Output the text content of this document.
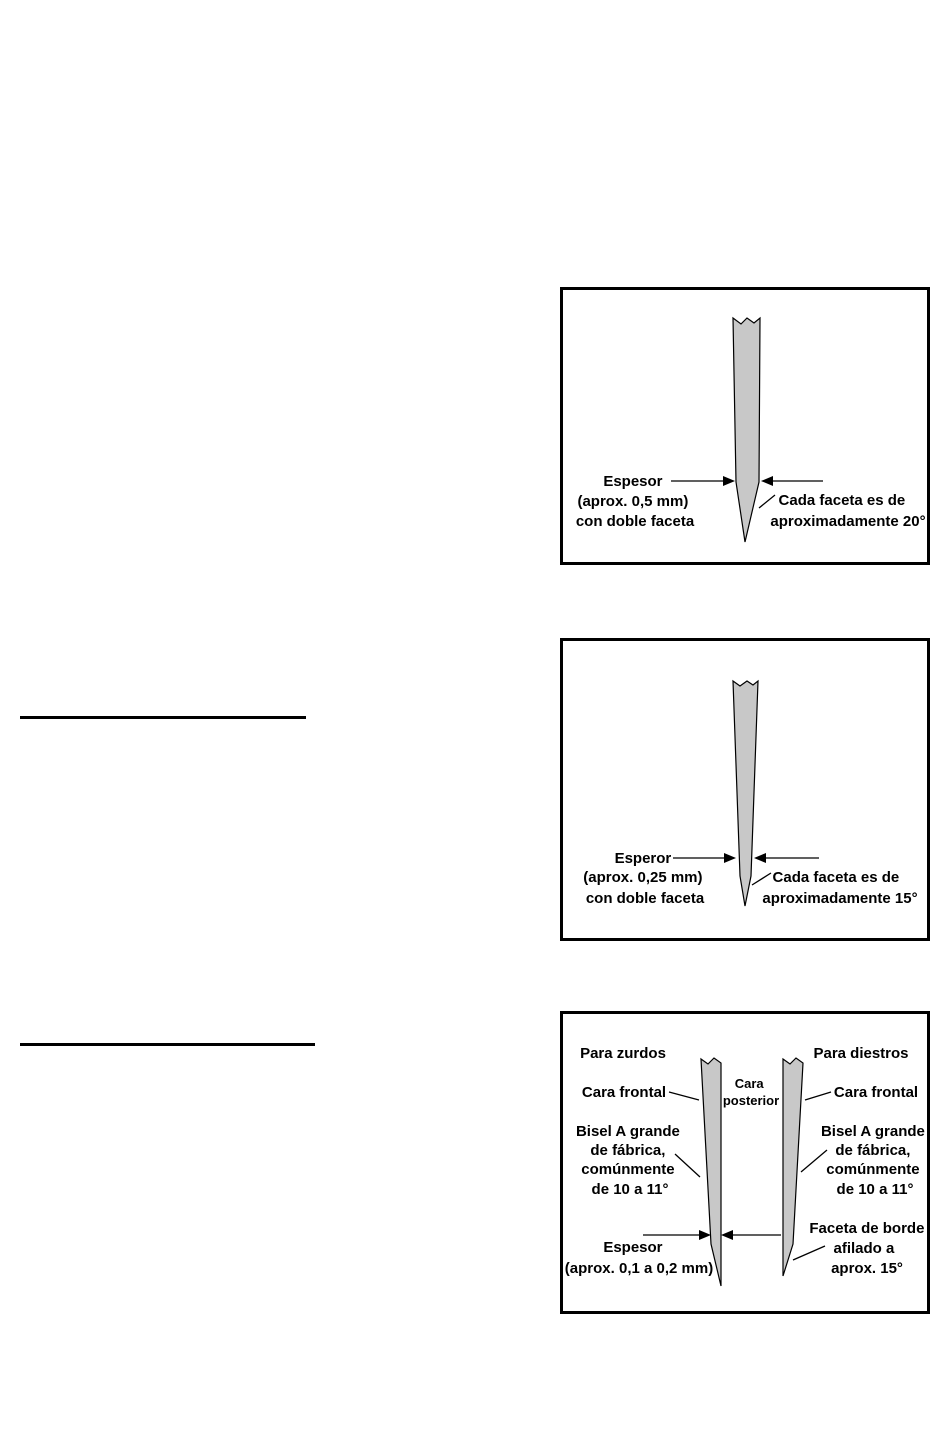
Espesor (aprox. 0,5 mm) con doble faceta
Cada faceta es de aproximadamente 20°
Esperor (aprox. 0,25 mm) con doble faceta
Cada faceta es de aproximadamente 15°
Para zurdos	Para diestros
Cara posterior
Cara frontal	Cara frontal
Bisel A grande de fábrica, comúnmente de 10 a 11°
Bisel A grande de fábrica, comúnmente de 10 a 11°
Espesor (aprox. 0,1 a 0,2 mm)
Faceta de borde afilado a aprox. 15°
